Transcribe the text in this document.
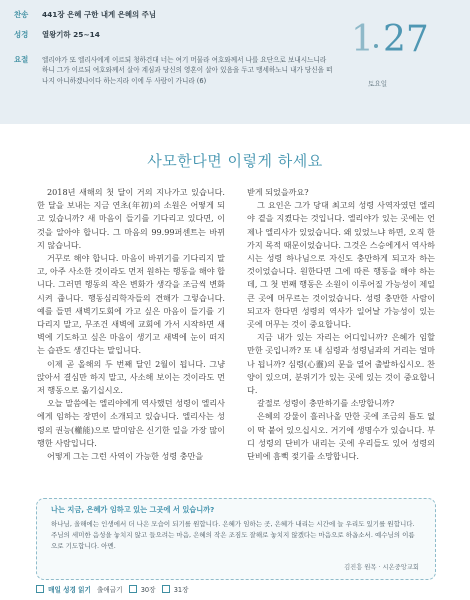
찬송	441장 은혜 구한 내게 은혜의 주님
성경	열왕기하 25~14
요절	엘리야가 또 엘리사에게 이르되 청하건대 너는 여기 머물라 여호와께서 나를 요단으로 보내시느니라 하니 그가 이르되 여호와께서 살아 계심과 당신의 영혼이 살아 있음을 두고 맹세하노니 내가 당신을 떠나지 아니하겠나이다 하는지라 이에 두 사람이 가니라 (6)
1 27
토요일
사모한다면 이렇게 하세요

2018년 새해의 첫 달이 거의 지나가고 있습니다. 한 달을 보내는 지금 연초(年初)의 소원은 어떻게 되고 있습니까? 새 마음이 들기를 기다리고 있다면, 이것을 알아야 합니다. 그 마음의 99.99퍼센트는 바뀌지 않습니다.

거꾸로 해야 합니다. 마음이 바뀌기를 기다리지 말고, 아주 사소한 것이라도 먼저 원하는 행동을 해야 합니다. 그러면 행동의 작은 변화가 생각을 조금씩 변화시켜 줍니다. 행동심리학자들의 견해가 그렇습니다. 예를 들면 새벽기도회에 가고 싶은 마음이 들기를 기다리지 말고, 무조건 새벽에 교회에 가서 시작하면 새벽에 기도하고 싶은 마음이 생기고 새벽에 눈이 떠지는 습관도 생긴다는 말입니다.

이제 곧 올해의 두 번째 달인 2월이 됩니다. 그냥 앉아서 결심만 하지 말고, 사소해 보이는 것이라도 먼저 행동으로 옮기십시오.

오늘 말씀에는 엘리야에게 역사했던 성령이 엘리사에게 임하는 장면이 소개되고 있습니다. 엘리사는 성령의 권능(權能)으로 말미암은 신기한 일을 가장 많이 행한 사람입니다.

어떻게 그는 그런 사역이 가능한 성령 충만을

받게 되었을까요?

그 요인은 그가 당대 최고의 성령 사역자였던 엘리야 곁을 지켰다는 것입니다. 엘리야가 있는 곳에는 언제나 엘리사가 있었습니다. 왜 있었느냐 하면, 오직 한 가지 목적 때문이었습니다. 그것은 스승에게서 역사하시는 성령 하나님으로 자신도 충만하게 되고자 하는 것이었습니다. 원한다면 그에 따른 행동을 해야 하는데, 그 첫 번째 행동은 소원이 이루어질 가능성이 제일 큰 곳에 머무르는 것이었습니다. 성령 충만한 사람이 되고자 한다면 성령의 역사가 일어날 가능성이 있는 곳에 머무는 것이 중요합니다.

지금 내가 있는 자리는 어디입니까? 은혜가 임할 만한 곳입니까? 또 내 심령과 성령님과의 거리는 얼마나 됩니까? 심령(心靈)의 문을 열어 출발하십시오. 찬양이 있으며, 분위기가 있는 곳에 있는 것이 중요합니다.

갈절로 성령이 충만하기를 소망합니까?

은혜의 강물이 흘러나올 만한 곳에 조금의 틈도 없이 딱 붙어 있으십시오. 거기에 생명수가 있습니다. 부디 성령의 단비가 내리는 곳에 우리들도 있어 성령의 단비에 흠뻑 젖기를 소망합니다.

나는 지금, 은혜가 임하고 있는 그곳에 서 있습니까?
하나님, 올해에는 인생에서 더 나은 모습이 되기를 원합니다. 은혜가 임하는 곳, 은혜가 내리는 시간에 늘 우리도 있기를 원합니다. 주님의 세미한 음성을 놓치지 않고 들으려는 마음, 은혜의 작은 조짐도 잘해로 놓치지 않겠다는 마음으로 하옵소서. 예수님의 이름으로 기도합니다. 아멘.
김진흥 원목 · 시온중앙교회
매일 성경 읽기 출애굽기	30장	31장
